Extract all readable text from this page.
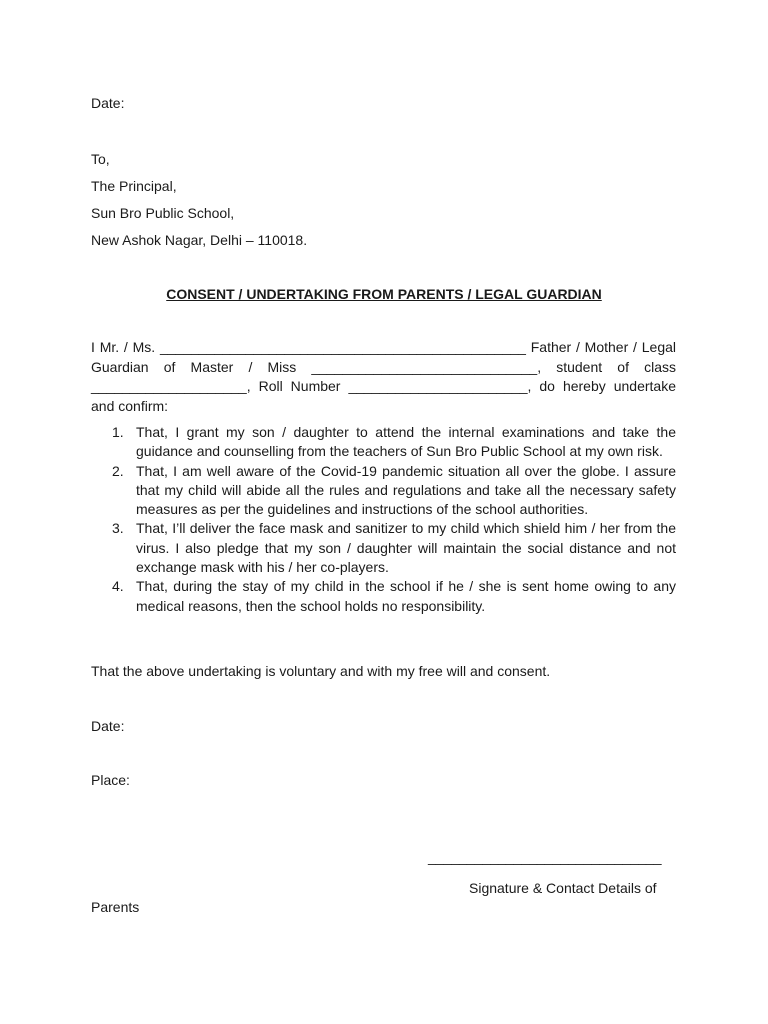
Date:
To,
The Principal,
Sun Bro Public School,
New Ashok Nagar, Delhi – 110018.
CONSENT / UNDERTAKING FROM PARENTS / LEGAL GUARDIAN
I Mr. / Ms. _______________________________________________ Father / Mother / Legal Guardian of Master / Miss _____________________________, student of class ____________________, Roll Number _______________________, do hereby undertake and confirm:
1. That, I grant my son / daughter to attend the internal examinations and take the guidance and counselling from the teachers of Sun Bro Public School at my own risk.
2. That, I am well aware of the Covid-19 pandemic situation all over the globe. I assure that my child will abide all the rules and regulations and take all the necessary safety measures as per the guidelines and instructions of the school authorities.
3. That, I’ll deliver the face mask and sanitizer to my child which shield him / her from the virus. I also pledge that my son / daughter will maintain the social distance and not exchange mask with his / her co-players.
4. That, during the stay of my child in the school if he / she is sent home owing to any medical reasons, then the school holds no responsibility.
That the above undertaking is voluntary and with my free will and consent.
Date:
Place:
______________________________
Signature & Contact Details of
Parents
